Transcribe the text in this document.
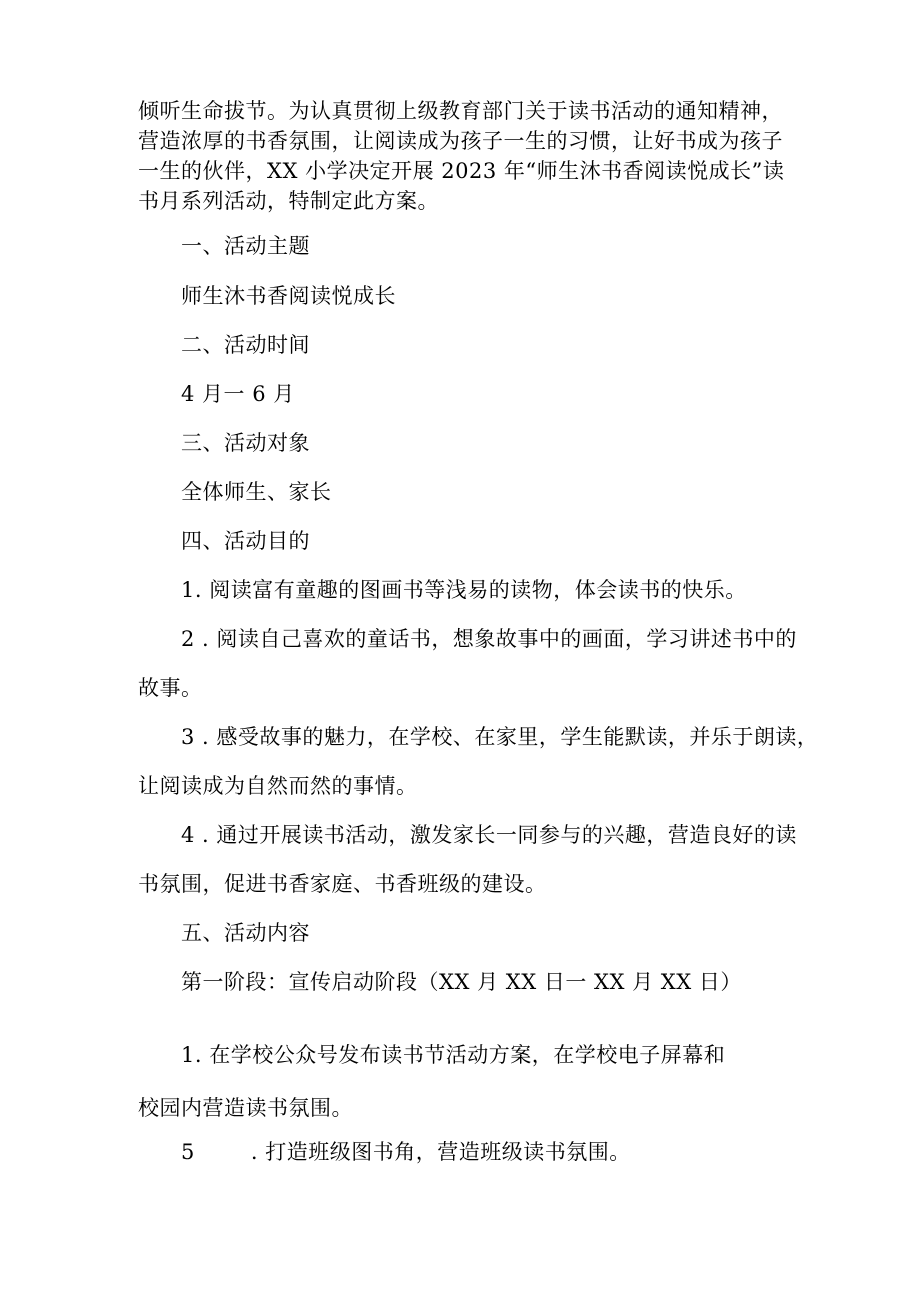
倾听生命拔节。为认真贯彻上级教育部门关于读书活动的通知精神，

营造浓厚的书香氛围，让阅读成为孩子一生的习惯，让好书成为孩子

一生的伙伴，XX 小学决定开展 2023 年“师生沐书香阅读悦成长”读

书月系列活动，特制定此方案。

一、活动主题
师生沐书香阅读悦成长
二、活动时间
4 月一 6 月
三、活动对象
全体师生、家长
四、活动目的
1. 阅读富有童趣的图画书等浅易的读物，体会读书的快乐。
2 . 阅读自己喜欢的童话书，想象故事中的画面，学习讲述书中的
故事。
3 . 感受故事的魅力，在学校、在家里，学生能默读，并乐于朗读，
让阅读成为自然而然的事情。
4 . 通过开展读书活动，激发家长一同参与的兴趣，营造良好的读
书氛围，促进书香家庭、书香班级的建设。
五、活动内容
第一阶段：宣传启动阶段（XX 月 XX 日一 XX 月 XX 日）
1. 在学校公众号发布读书节活动方案，在学校电子屏幕和
校园内营造读书氛围。
5	. 打造班级图书角，营造班级读书氛围。
